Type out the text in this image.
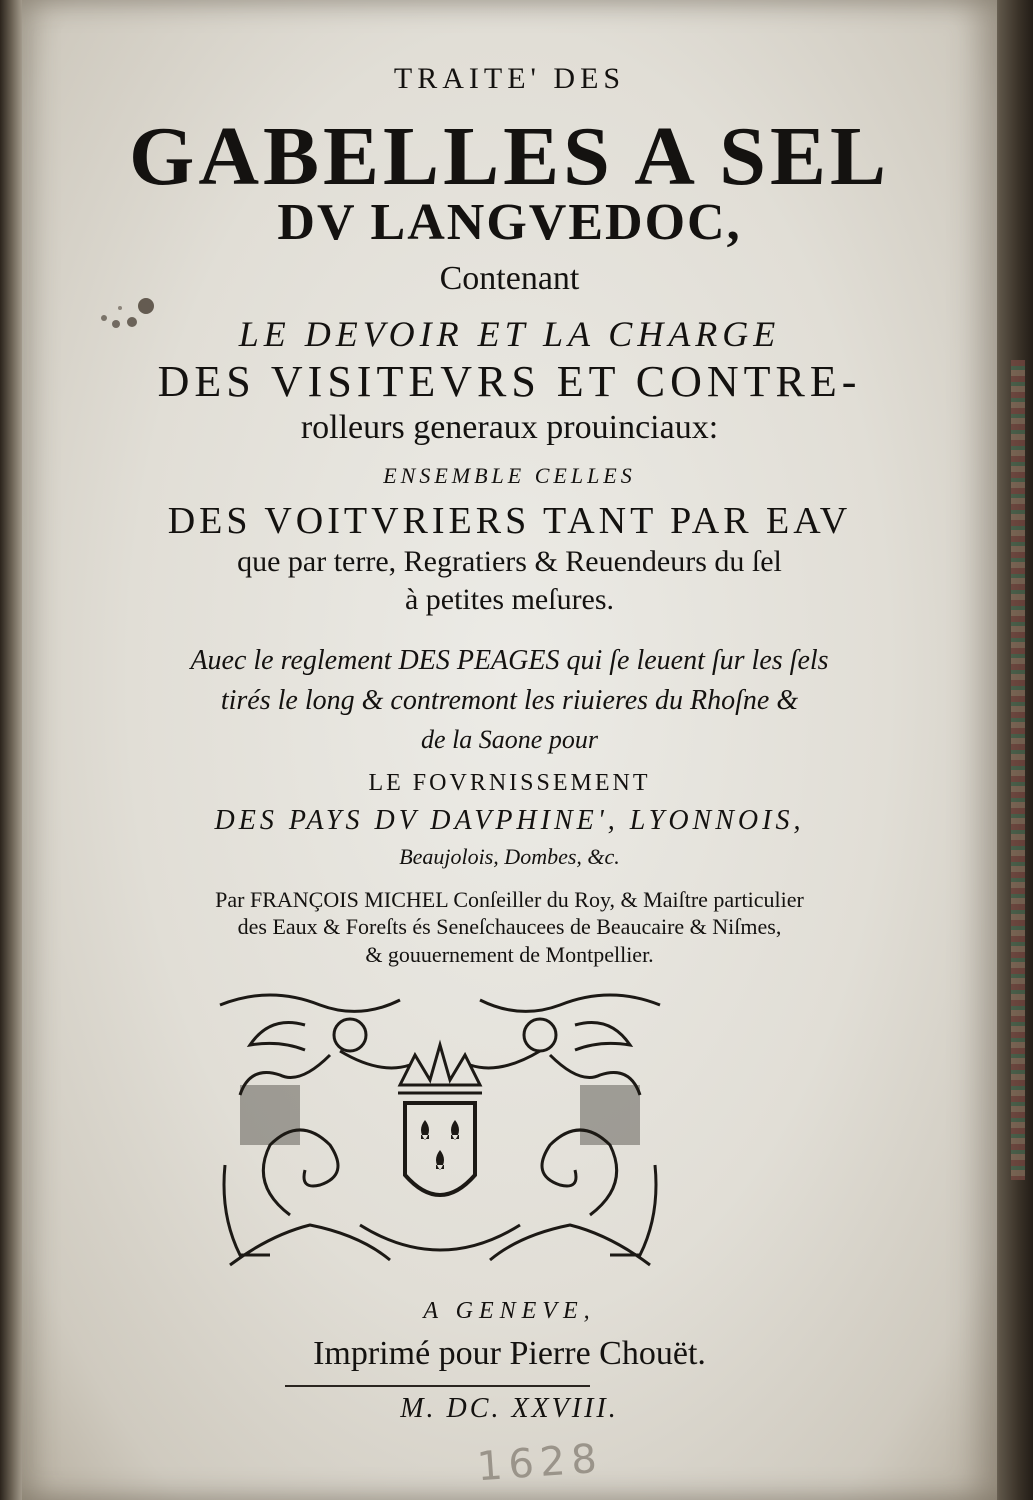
TRAITE' DES
GABELLES A SEL
DV LANGVEDOC,
Contenant
LE DEVOIR ET LA CHARGE
DES VISITEVRS ET CONTRE-
rolleurs generaux prouinciaux:
ENSEMBLE CELLES
DES VOITVRIERS TANT PAR EAV
que par terre, Regratiers & Reuendeurs du ſel
à petites meſures.
Auec le reglement DES PEAGES qui ſe leuent ſur les ſels
tirés le long & contremont les riuieres du Rhoſne &
de la Saone pour
LE FOVRNISSEMENT
DES PAYS DV DAVPHINE', LYONNOIS,
Beaujolois, Dombes, &c.
Par FRANÇOIS MICHEL Conſeiller du Roy, & Maiſtre particulier
des Eaux & Foreſts és Seneſchaucees de Beaucaire & Niſmes,
& gouuernement de Montpellier.
A GENEVE,
Imprimé pour Pierre Chouët.
M. DC. XXVIII.
1628
